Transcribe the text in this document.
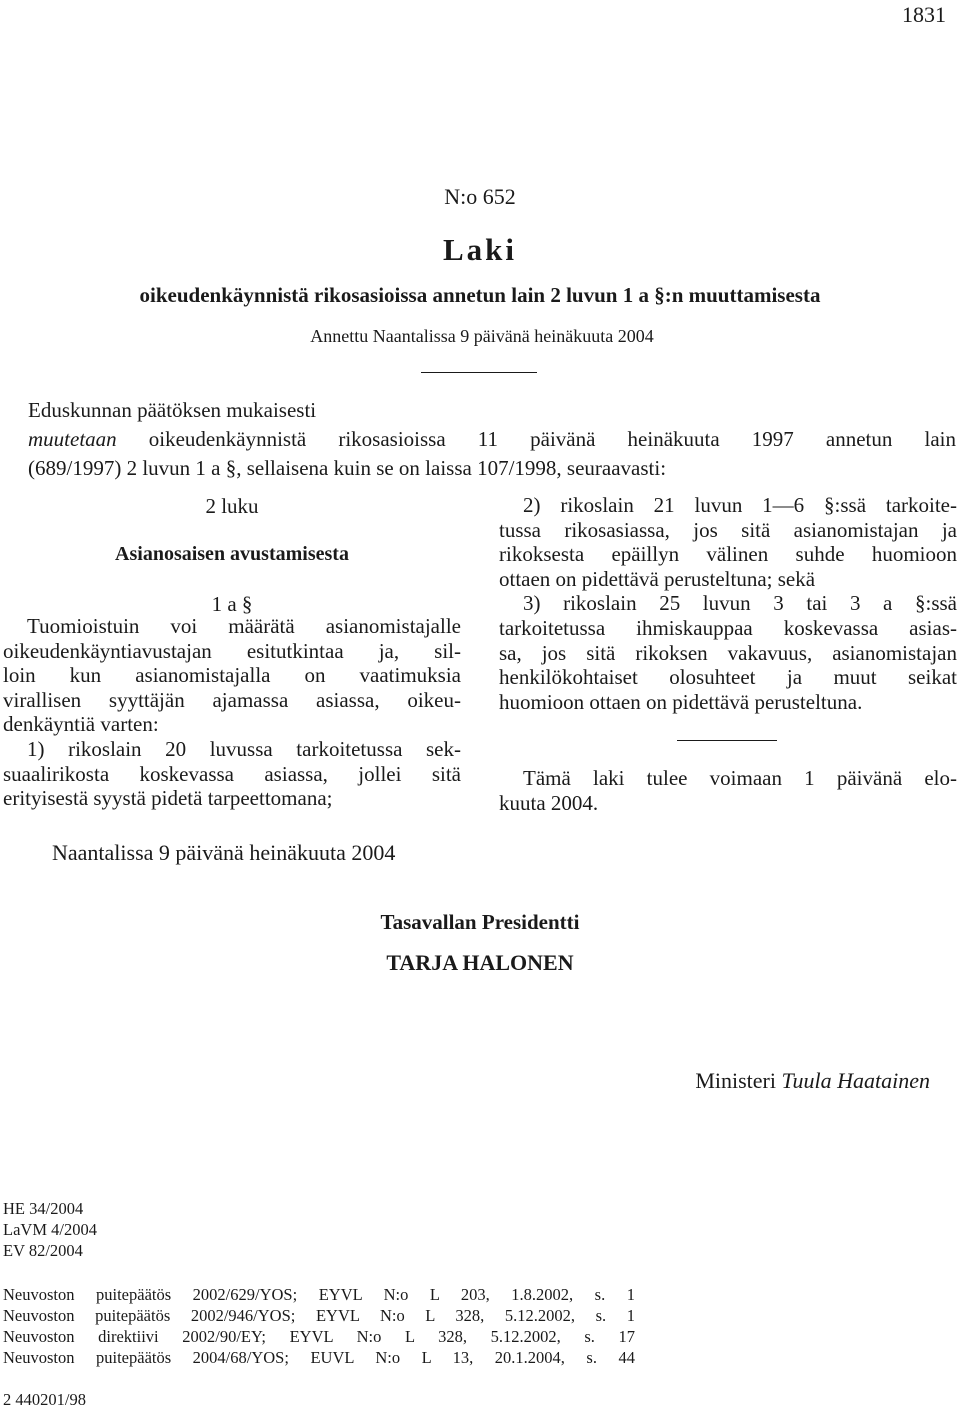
1831
N:o 652
Laki
oikeudenkäynnistä rikosasioissa annetun lain 2 luvun 1 a §:n muuttamisesta
Annettu Naantalissa 9 päivänä heinäkuuta 2004
Eduskunnan päätöksen mukaisesti
muutetaan oikeudenkäynnistä rikosasioissa 11 päivänä heinäkuuta 1997 annetun lain
(689/1997) 2 luvun 1 a §, sellaisena kuin se on laissa 107/1998, seuraavasti:
2 luku
Asianosaisen avustamisesta
1 a §
Tuomioistuin voi määrätä asianomistajalle
oikeudenkäyntiavustajan esitutkintaa ja, sil-
loin kun asianomistajalla on vaatimuksia
virallisen syyttäjän ajamassa asiassa, oikeu-
denkäyntiä varten:
1) rikoslain 20 luvussa tarkoitetussa sek-
suaalirikosta koskevassa asiassa, jollei sitä
erityisestä syystä pidetä tarpeettomana;
2) rikoslain 21 luvun 1—6 §:ssä tarkoite-
tussa rikosasiassa, jos sitä asianomistajan ja
rikoksesta epäillyn välinen suhde huomioon
ottaen on pidettävä perusteltuna; sekä
3) rikoslain 25 luvun 3 tai 3 a §:ssä
tarkoitetussa ihmiskauppaa koskevassa asias-
sa, jos sitä rikoksen vakavuus, asianomistajan
henkilökohtaiset olosuhteet ja muut seikat
huomioon ottaen on pidettävä perusteltuna.
Tämä laki tulee voimaan 1 päivänä elo-
kuuta 2004.
Naantalissa 9 päivänä heinäkuuta 2004
Tasavallan Presidentti
TARJA HALONEN
Ministeri Tuula Haatainen
HE 34/2004
LaVM 4/2004
EV 82/2004
Neuvoston puitepäätös 2002/629/YOS; EYVL N:o L 203, 1.8.2002, s. 1
Neuvoston puitepäätös 2002/946/YOS; EYVL N:o L 328, 5.12.2002, s. 1
Neuvoston direktiivi 2002/90/EY; EYVL N:o L 328, 5.12.2002, s. 17
Neuvoston puitepäätös 2004/68/YOS; EUVL N:o L 13, 20.1.2004, s. 44
2 440201/98
